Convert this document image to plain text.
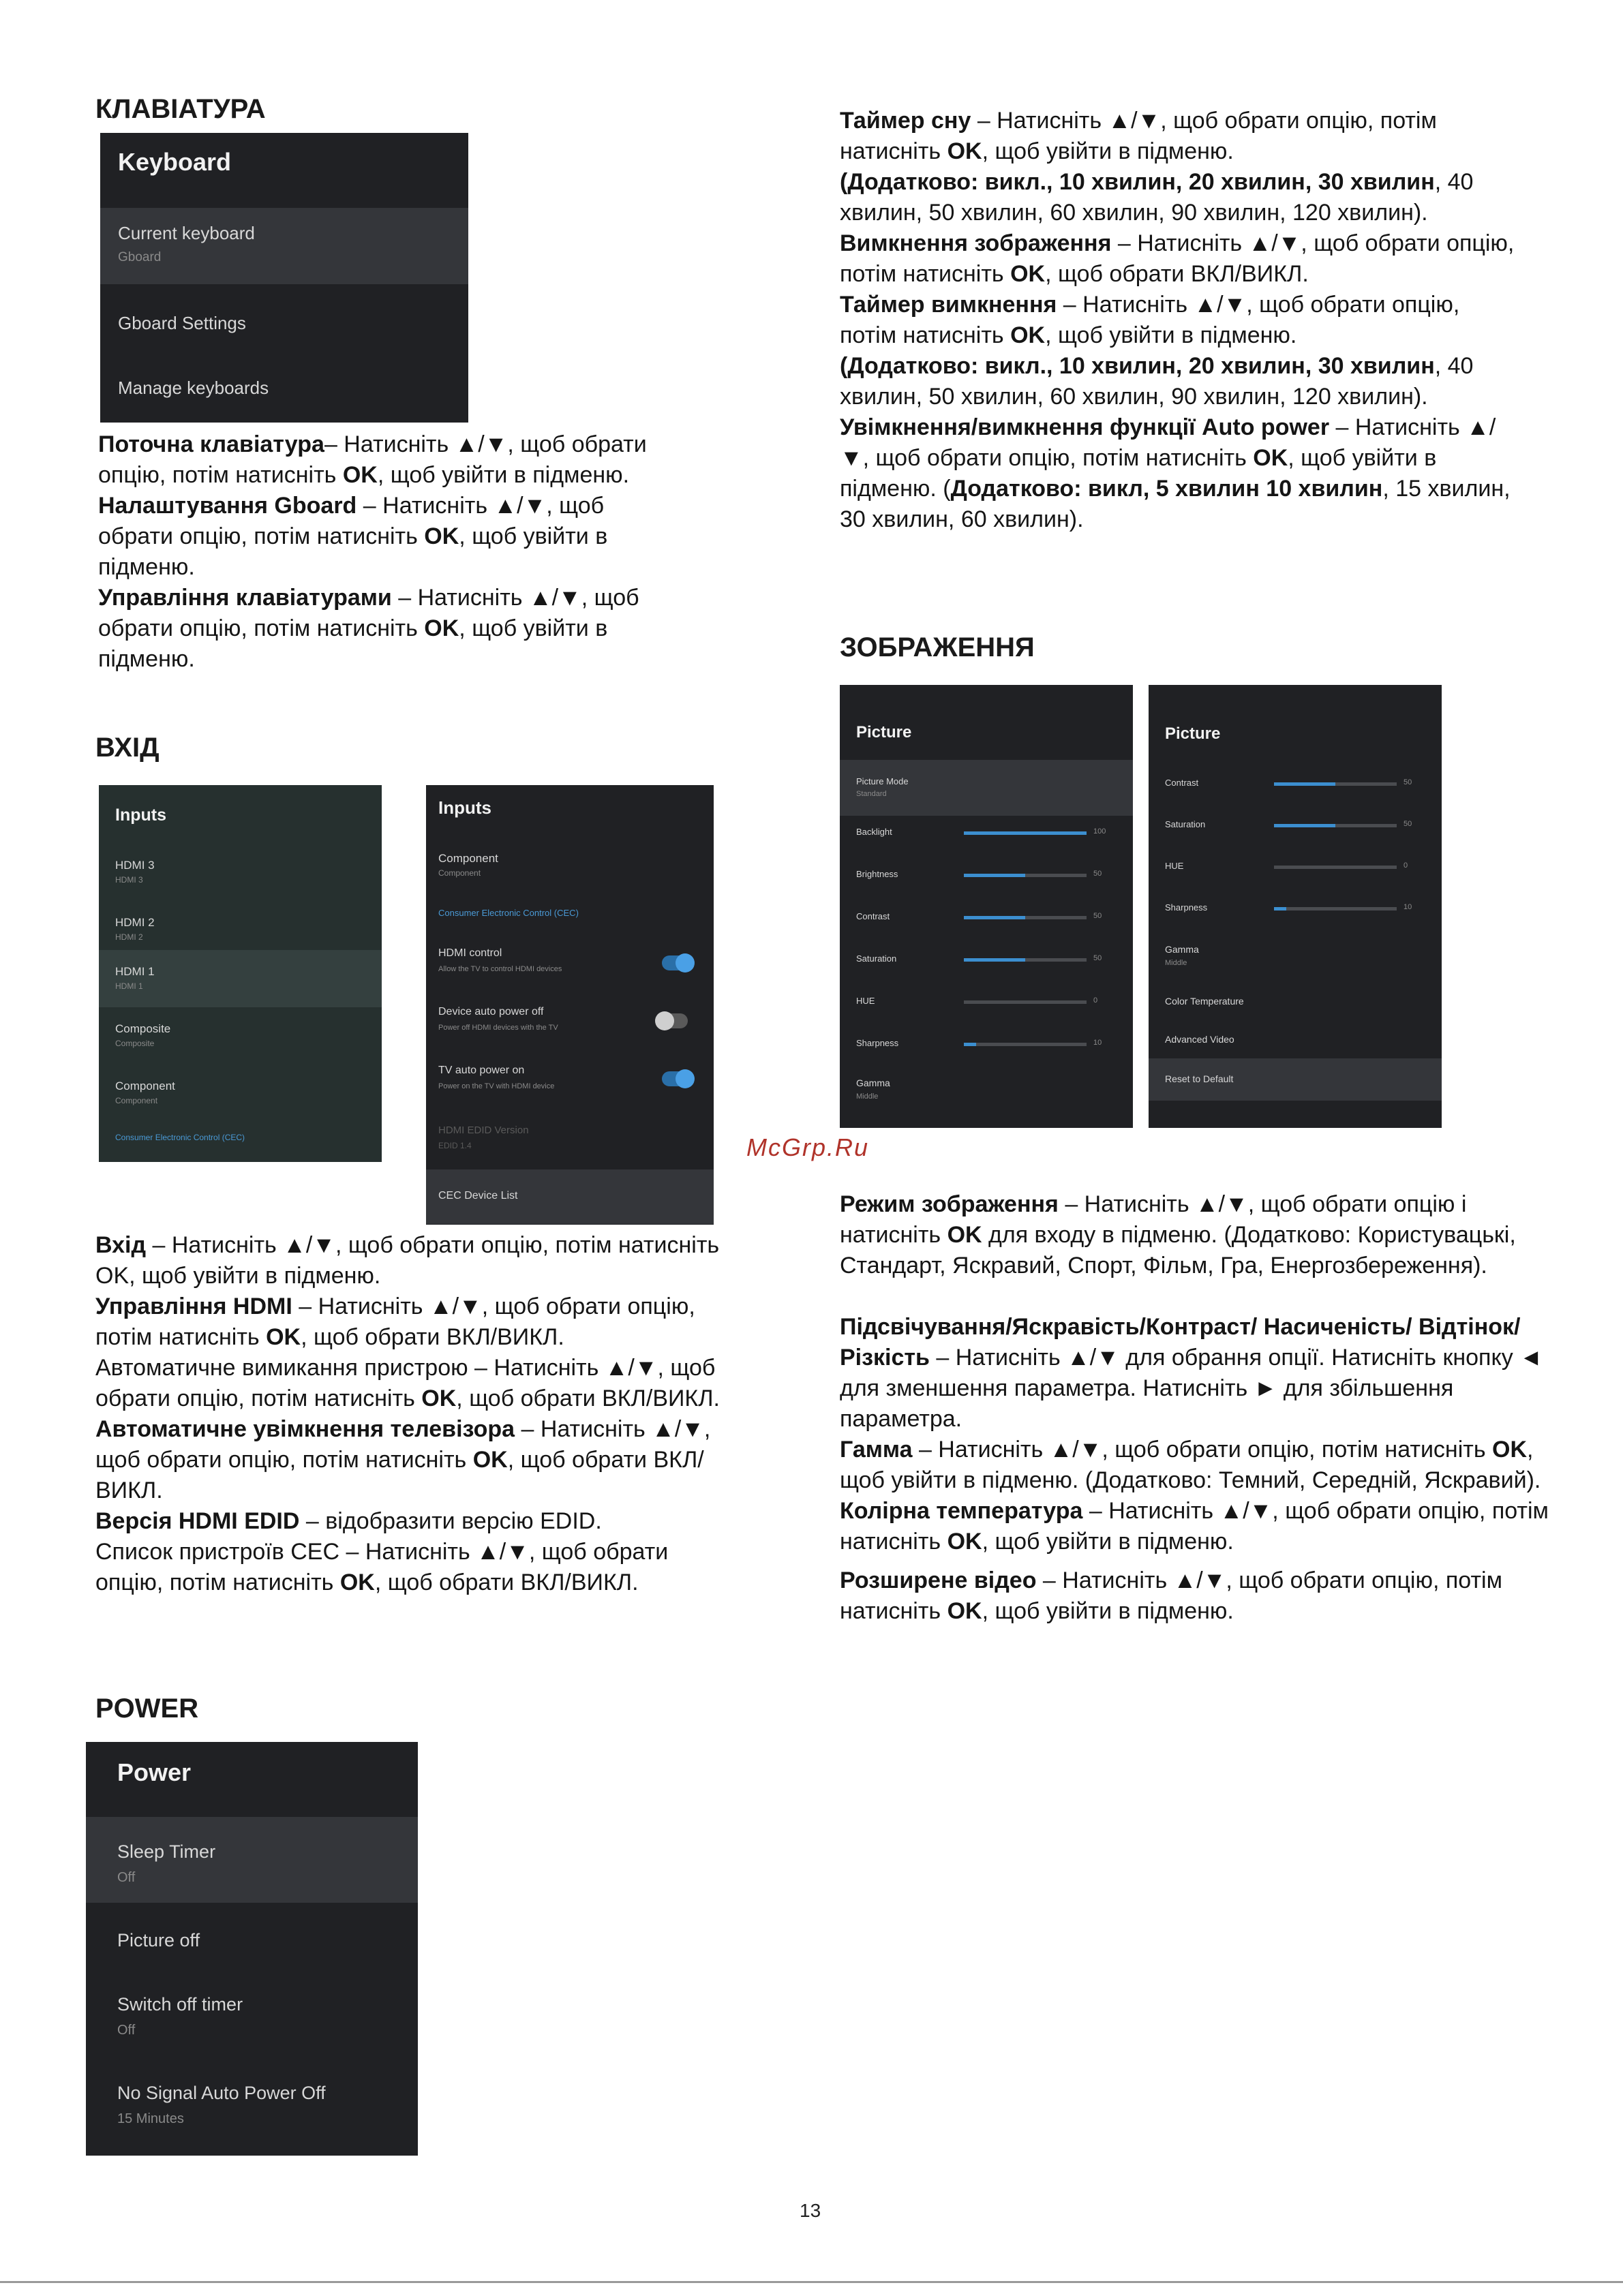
КЛАВІАТУРА
Keyboard
Current keyboard
Gboard
Gboard Settings
Manage keyboards

Поточна клавіатура– Натисніть ▲/▼, щоб обрати опцію, потім натисніть OK, щоб увійти в підменю.

Налаштування Gboard – Натисніть ▲/▼, щоб обрати опцію, потім натисніть OK, щоб увійти в підменю.

Управління клавіатурами – Натисніть ▲/▼, щоб обрати опцію, потім натисніть OK, щоб увійти в підменю.

ВХІД
Inputs
HDMI 3
HDMI 3
HDMI 2
HDMI 2
HDMI 1
HDMI 1
Composite
Composite
Component
Component
Consumer Electronic Control (CEC)
Inputs
Component
Component
Consumer Electronic Control (CEC)
HDMI control
Allow the TV to control HDMI devices
Device auto power off
Power off HDMI devices with the TV
TV auto power on
Power on the TV with HDMI device
HDMI EDID Version
EDID 1.4
CEC Device List

Вхід – Натисніть ▲/▼, щоб обрати опцію, потім натисніть OK, щоб увійти в підменю.

Управління HDMI – Натисніть ▲/▼, щоб обрати опцію, потім натисніть OK, щоб обрати ВКЛ/ВИКЛ.

Автоматичне вимикання пристрою – Натисніть ▲/▼, щоб обрати опцію, потім натисніть OK, щоб обрати ВКЛ/ВИКЛ.

Автоматичне увімкнення телевізора – Натисніть ▲/▼, щоб обрати опцію, потім натисніть OK, щоб обрати ВКЛ/ВИКЛ.

Версія HDMI EDID – відобразити версію EDID.

Список пристроїв CEC – Натисніть ▲/▼, щоб обрати опцію, потім натисніть OK, щоб обрати ВКЛ/ВИКЛ.

POWER
Power
Sleep Timer
Off
Picture off
Switch off timer
Off
No Signal Auto Power Off
15 Minutes

Таймер сну – Натисніть ▲/▼, щоб обрати опцію, потім натисніть OK, щоб увійти в підменю.

(Додатково: викл., 10 хвилин, 20 хвилин, 30 хвилин, 40 хвилин, 50 хвилин, 60 хвилин, 90 хвилин, 120 хвилин). Вимкнення зображення – Натисніть ▲/▼, щоб обрати опцію, потім натисніть OK, щоб обрати ВКЛ/ВИКЛ.

Таймер вимкнення – Натисніть ▲/▼, щоб обрати опцію, потім натисніть OK, щоб увійти в підменю.

(Додатково: викл., 10 хвилин, 20 хвилин, 30 хвилин, 40 хвилин, 50 хвилин, 60 хвилин, 90 хвилин, 120 хвилин).

Увімкнення/вимкнення функції Auto power – Натисніть ▲/▼, щоб обрати опцію, потім натисніть OK, щоб увійти в підменю. (Додатково: викл, 5 хвилин 10 хвилин, 15 хвилин, 30 хвилин, 60 хвилин).

ЗОБРАЖЕННЯ
Picture
Picture Mode
Standard
Backlight	100
Brightness	50
Contrast	50
Saturation	50
HUE	0
Sharpness	10
Gamma
Middle
Picture
Contrast	50
Saturation	50
HUE	0
Sharpness	10
Gamma
Middle
Color Temperature
Advanced Video
Reset to Default
McGrp.Ru

Режим зображення – Натисніть ▲/▼, щоб обрати опцію і натисніть OK для входу в підменю. (Додатково: Користувацькі, Стандарт, Яскравий, Спорт, Фільм, Гра, Енергозбереження).

Підсвічування/Яскравість/Контраст/ Насиченість/ Відтінок/Різкість – Натисніть ▲/▼ для обрання опції. Натисніть кнопку ◄ для зменшення параметра. Натисніть ► для збільшення параметра.

Гамма – Натисніть ▲/▼, щоб обрати опцію, потім натисніть OK, щоб увійти в підменю. (Додатково: Темний, Середній, Яскравий).

Колірна температура – Натисніть ▲/▼, щоб обрати опцію, потім натисніть OK, щоб увійти в підменю.

Розширене відео – Натисніть ▲/▼, щоб обрати опцію, потім натисніть OK, щоб увійти в підменю.

13
